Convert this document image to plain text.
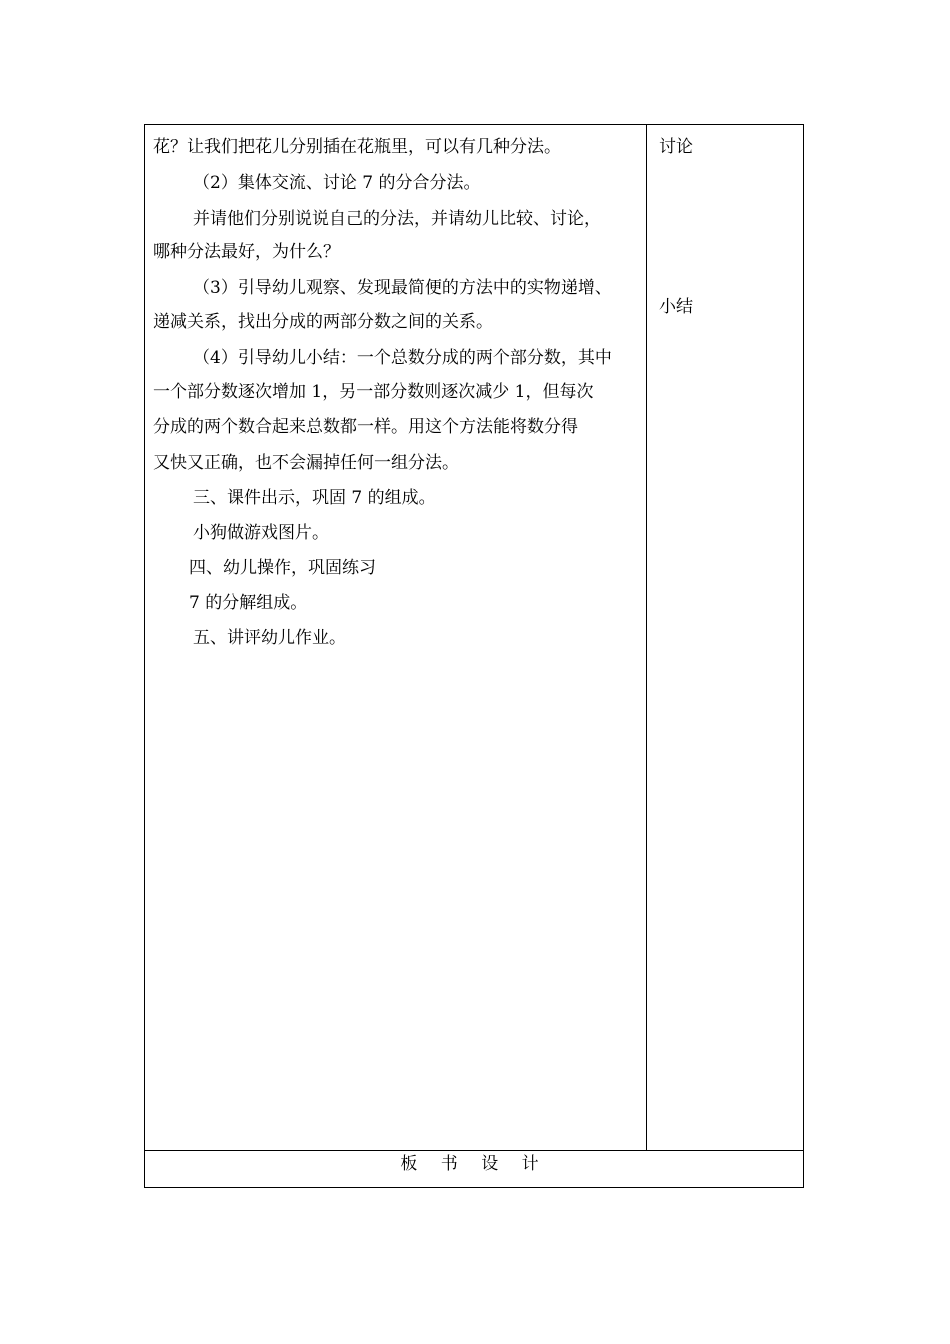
花？让我们把花儿分别插在花瓶里，可以有几种分法。
（2）集体交流、讨论 7 的分合分法。
并请他们分别说说自己的分法，并请幼儿比较、讨论，
哪种分法最好，为什么？
（3）引导幼儿观察、发现最简便的方法中的实物递增、
递减关系，找出分成的两部分数之间的关系。
（4）引导幼儿小结：一个总数分成的两个部分数，其中
一个部分数逐次增加 1，另一部分数则逐次减少 1，但每次
分成的两个数合起来总数都一样。用这个方法能将数分得
又快又正确，也不会漏掉任何一组分法。
三、课件出示，巩固 7 的组成。
小狗做游戏图片。
四、幼儿操作，巩固练习
7 的分解组成。
五、讲评幼儿作业。
讨论
小结
板 书 设 计
